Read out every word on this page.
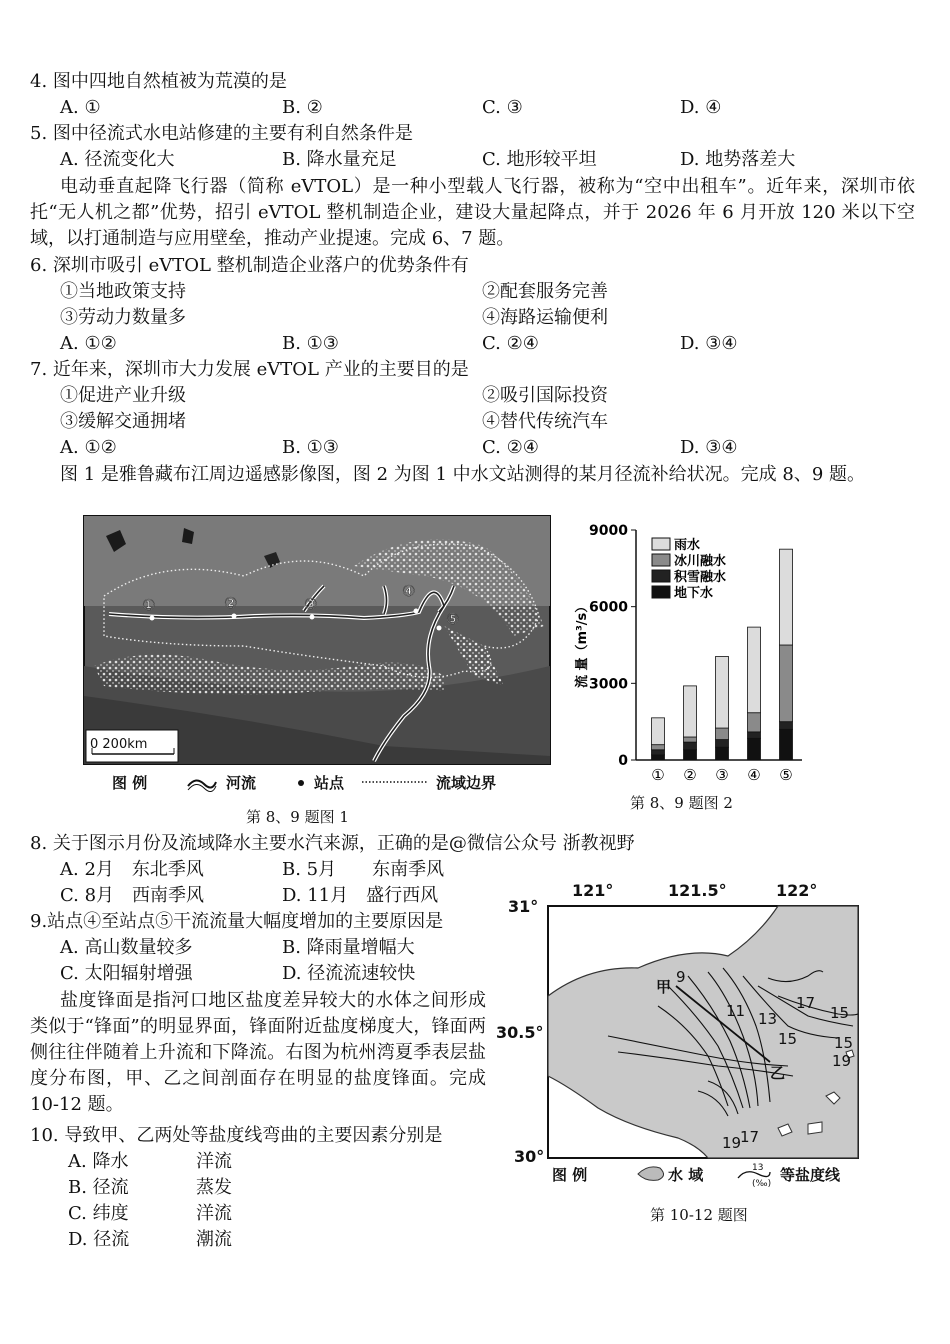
4. 图中四地自然植被为荒漠的是
A. ①	B. ②	C. ③	D. ④
5. 图中径流式水电站修建的主要有利自然条件是
A. 径流变化大	B. 降水量充足	C. 地形较平坦	D. 地势落差大
电动垂直起降飞行器（简称 eVTOL）是一种小型载人飞行器，被称为“空中出租车”。近年来，深圳市依托“无人机之都”优势，招引 eVTOL 整机制造企业，建设大量起降点，并于 2026 年 6 月开放 120 米以下空域，以打通制造与应用壁垒，推动产业提速。完成 6、7 题。
6. 深圳市吸引 eVTOL 整机制造企业落户的优势条件有
①当地政策支持	②配套服务完善
③劳动力数量多	④海路运输便利
A. ①②	B. ①③	C. ②④	D. ③④
7. 近年来，深圳市大力发展 eVTOL 产业的主要目的是
①促进产业升级	②吸引国际投资
③缓解交通拥堵	④替代传统汽车
A. ①②	B. ①③	C. ②④	D. ③④
图 1 是雅鲁藏布江周边遥感影像图，图 2 为图 1 中水文站测得的某月径流补给状况。完成 8、9 题。
①	②	③
④
⑤
0 200km
图 例	河流	站点	流域边界
第 8、9 题图 1
0
3000
6000
9000
① ② ③ ④ ⑤
流 量（m³/s）
雨水
冰川融水
积雪融水
地下水
第 8、9 题图 2
8. 关于图示月份及流域降水主要水汽来源，正确的是@微信公众号 浙教视野
A. 2月　东北季风	B. 5月　　东南季风
C. 8月　西南季风	D. 11月　盛行西风
9.站点④至站点⑤干流流量大幅度增加的主要原因是
A. 高山数量较多	B. 降雨量增幅大
C. 太阳辐射增强	D. 径流流速较快
盐度锋面是指河口地区盐度差异较大的水体之间形成类似于“锋面”的明显界面，锋面附近盐度梯度大，锋面两侧往往伴随着上升流和下降流。右图为杭州湾夏季表层盐度分布图，甲、乙之间剖面存在明显的盐度锋面。完成 10-12 题。
10. 导致甲、乙两处等盐度线弯曲的主要因素分别是
A. 降水	洋流
B. 径流	蒸发
C. 纬度	洋流
D. 径流	潮流
121°	121.5°	122°
31°
30.5°
30°
甲
乙
9
11 13	15
17
15 15
19
19
17
图 例	水 域	13
(‰) 等盐度线
第 10-12 题图
